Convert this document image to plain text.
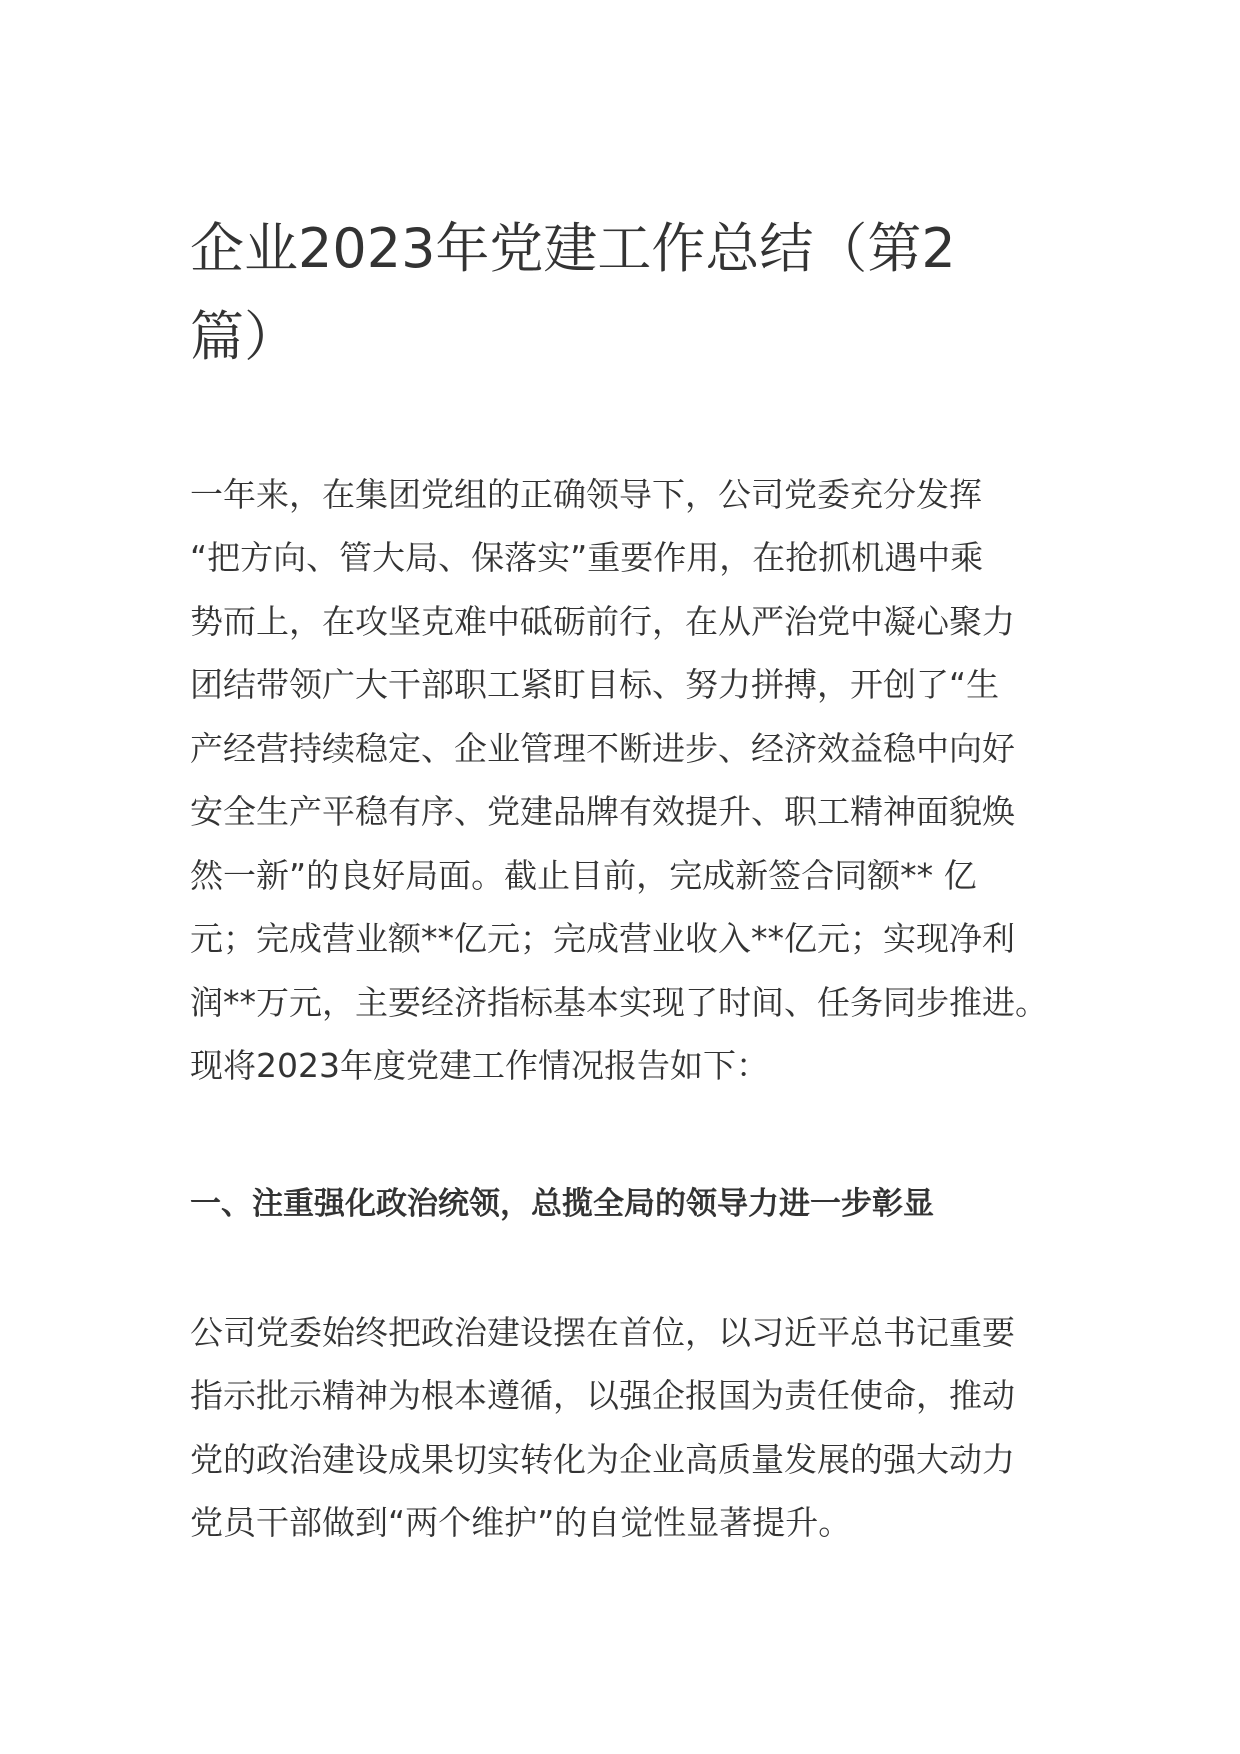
企业2023年党建工作总结（第2
篇）

一年来，在集团党组的正确领导下，公司党委充分发挥

“把方向、管大局、保落实”重要作用，在抢抓机遇中乘

势而上，在攻坚克难中砥砺前行，在从严治党中凝心聚力

团结带领广大干部职工紧盯目标、努力拼搏，开创了“生

产经营持续稳定、企业管理不断进步、经济效益稳中向好

安全生产平稳有序、党建品牌有效提升、职工精神面貌焕

然一新”的良好局面。截止目前，完成新签合同额** 亿

元；完成营业额**亿元；完成营业收入**亿元；实现净利

润**万元，主要经济指标基本实现了时间、任务同步推进。

现将2023年度党建工作情况报告如下：

一、注重强化政治统领，总揽全局的领导力进一步彰显

公司党委始终把政治建设摆在首位，以习近平总书记重要

指示批示精神为根本遵循，以强企报国为责任使命，推动

党的政治建设成果切实转化为企业高质量发展的强大动力

党员干部做到“两个维护”的自觉性显著提升。
